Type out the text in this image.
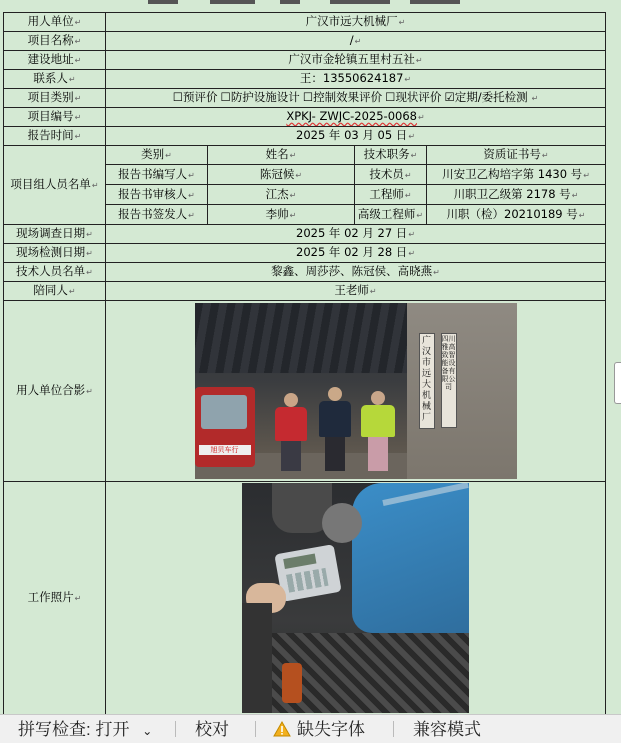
用人单位↵	广汉市远大机械厂↵			
项目名称↵	/↵			
建设地址↵	广汉市金轮镇五里村五社↵			
联系人↵	王：13550624187↵			
项目类别↵	☐预评价 ☐防护设施设计 ☐控制效果评价 ☐现状评价 ☑定期/委托检测 ↵			
项目编号↵	XPKJ- ZWJC-2025-0068↵			
报告时间↵	2025 年 03 月 05 日↵			
项目组人员名单↵	类别↵	姓名↵	技术职务↵	资质证书号↵
	报告书编写人↵	陈冠候↵	技术员↵	川安卫乙构培字第 1430 号↵
	报告书审核人↵	江杰↵	工程师↵	川职卫乙级第 2178 号↵
	报告书签发人↵	李帅↵	高级工程师↵	川职（检）20210189 号↵
现场调查日期↵	2025 年 02 月 27 日↵			
现场检测日期↵	2025 年 02 月 28 日↵			
技术人员名单↵	黎鑫、周莎莎、陈冠侯、高晓燕↵			
陪同人↵	王老师↵			
用人单位合影↵	广汉市远大机械厂
四川雅高致智能设备有限公司
旭贝车行			

工作照片↵				
拼写检查: 打开 ⌄	校对	缺失字体	兼容模式
